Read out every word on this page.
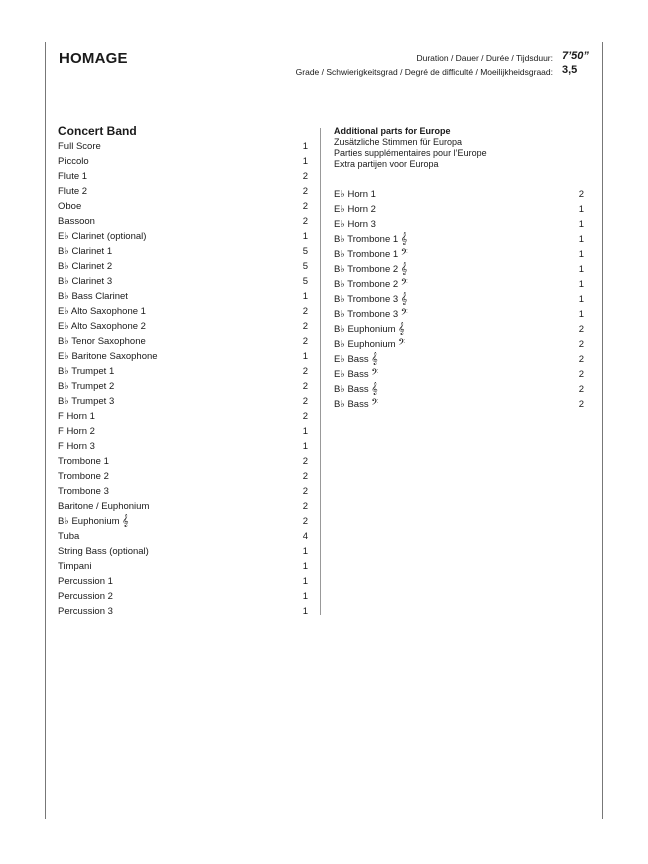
HOMAGE	Duration / Dauer / Durée / Tijdsduur: 7’50”
Grade / Schwierigkeitsgrad / Degré de difficulté / Moeilijkheidsgraad: 3,5
Concert Band
Full Score	1
Piccolo	1
Flute 1	2
Flute 2	2
Oboe	2
Bassoon	2
E♭ Clarinet (optional)	1
B♭ Clarinet 1	5
B♭ Clarinet 2	5
B♭ Clarinet 3	5
B♭ Bass Clarinet	1
E♭ Alto Saxophone 1	2
E♭ Alto Saxophone 2	2
B♭ Tenor Saxophone	2
E♭ Baritone Saxophone	1
B♭ Trumpet 1	2
B♭ Trumpet 2	2
B♭ Trumpet 3	2
F Horn 1	2
F Horn 2	1
F Horn 3	1
Trombone 1	2
Trombone 2	2
Trombone 3	2
Baritone / Euphonium	2
B♭ Euphonium 𝄞	2
Tuba	4
String Bass (optional)	1
Timpani	1
Percussion 1	1
Percussion 2	1
Percussion 3	1
Additional parts for Europe
Zusätzliche Stimmen für Europa
Parties supplémentaires pour l’Europe
Extra partijen voor Europa
E♭ Horn 1	2
E♭ Horn 2	1
E♭ Horn 3	1
B♭ Trombone 1 𝄞	1
B♭ Trombone 1 𝄢	1
B♭ Trombone 2 𝄞	1
B♭ Trombone 2 𝄢	1
B♭ Trombone 3 𝄞	1
B♭ Trombone 3 𝄢	1
B♭ Euphonium 𝄞	2
B♭ Euphonium 𝄢	2
E♭ Bass 𝄞	2
E♭ Bass 𝄢	2
B♭ Bass 𝄞	2
B♭ Bass 𝄢	2
